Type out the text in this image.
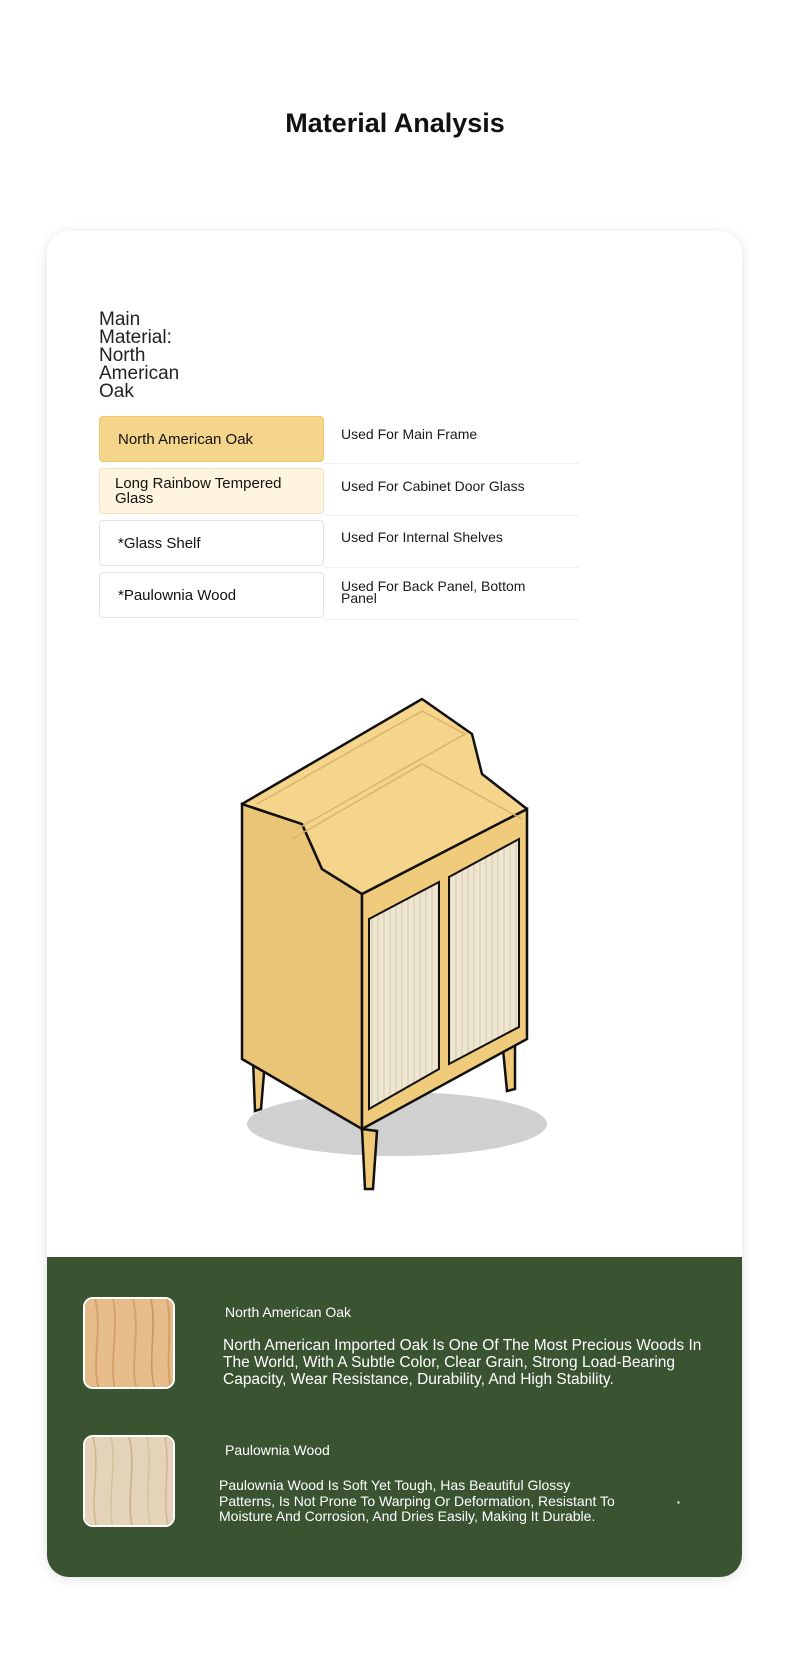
Material Analysis
Main Material: North American Oak
North American Oak	Used For Main Frame
Long Rainbow Tempered Glass
Used For Cabinet Door Glass
*Glass Shelf	Used For Internal Shelves
*Paulownia Wood
Used For Back Panel, Bottom Panel
North American Oak
North American Imported Oak Is One Of The Most Precious Woods In The World, With A Subtle Color, Clear Grain, Strong Load-Bearing Capacity, Wear Resistance, Durability, And High Stability.
Paulownia Wood
Paulownia Wood Is Soft Yet Tough, Has Beautiful Glossy Patterns, Is Not Prone To Warping Or Deformation, Resistant To Moisture And Corrosion, And Dries Easily, Making It Durable.
▪
